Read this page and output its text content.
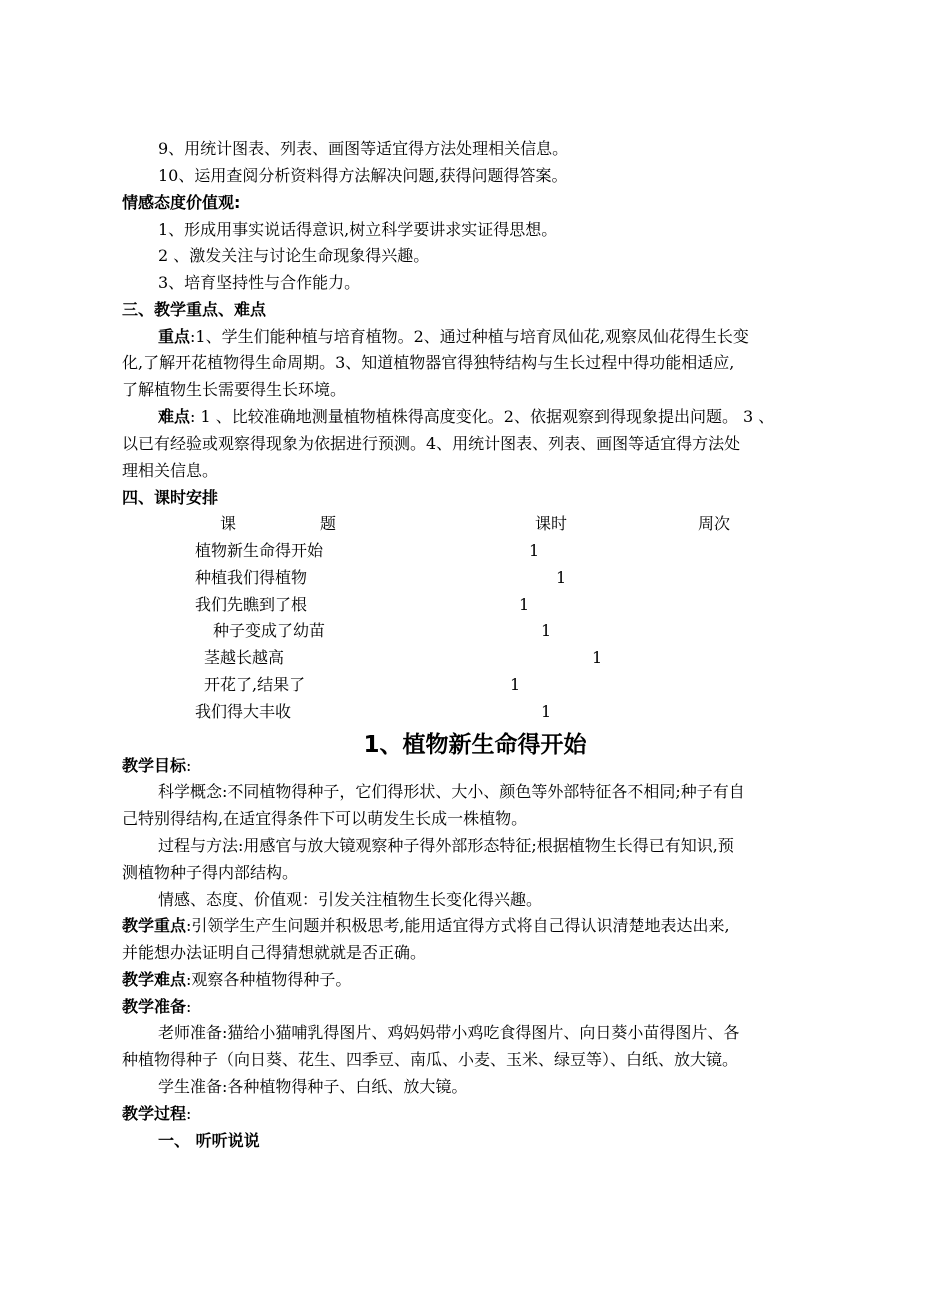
9、用统计图表、列表、画图等适宜得方法处理相关信息。
10、运用查阅分析资料得方法解决问题,获得问题得答案。
情感态度价值观:
1、形成用事实说话得意识,树立科学要讲求实证得思想。
2 、激发关注与讨论生命现象得兴趣。
3、培育坚持性与合作能力。
三、教学重点、难点
重点:1、学生们能种植与培育植物。2、通过种植与培育凤仙花,观察凤仙花得生长变
化,了解开花植物得生命周期。3、知道植物器官得独特结构与生长过程中得功能相适应,
了解植物生长需要得生长环境。
难点: 1 、比较准确地测量植物植株得高度变化。2、依据观察到得现象提出问题。 3 、
以已有经验或观察得现象为依据进行预测。4、用统计图表、列表、画图等适宜得方法处
理相关信息。
四、课时安排
课	题	课时	周次
植物新生命得开始	1
种植我们得植物	1
我们先瞧到了根	1
种子变成了幼苗	1
茎越长越高	1
开花了,结果了	1
我们得大丰收	1
1、植物新生命得开始
教学目标:
科学概念:不同植物得种子，它们得形状、大小、颜色等外部特征各不相同;种子有自
己特别得结构,在适宜得条件下可以萌发生长成一株植物。
过程与方法:用感官与放大镜观察种子得外部形态特征;根据植物生长得已有知识,预
测植物种子得内部结构。
情感、态度、价值观：引发关注植物生长变化得兴趣。
教学重点:引领学生产生问题并积极思考,能用适宜得方式将自己得认识清楚地表达出来,
并能想办法证明自己得猜想就就是否正确。
教学难点:观察各种植物得种子。
教学准备:
老师准备:猫给小猫哺乳得图片、鸡妈妈带小鸡吃食得图片、向日葵小苗得图片、各
种植物得种子（向日葵、花生、四季豆、南瓜、小麦、玉米、绿豆等）、白纸、放大镜。
学生准备:各种植物得种子、白纸、放大镜。
教学过程:
一、 听听说说
